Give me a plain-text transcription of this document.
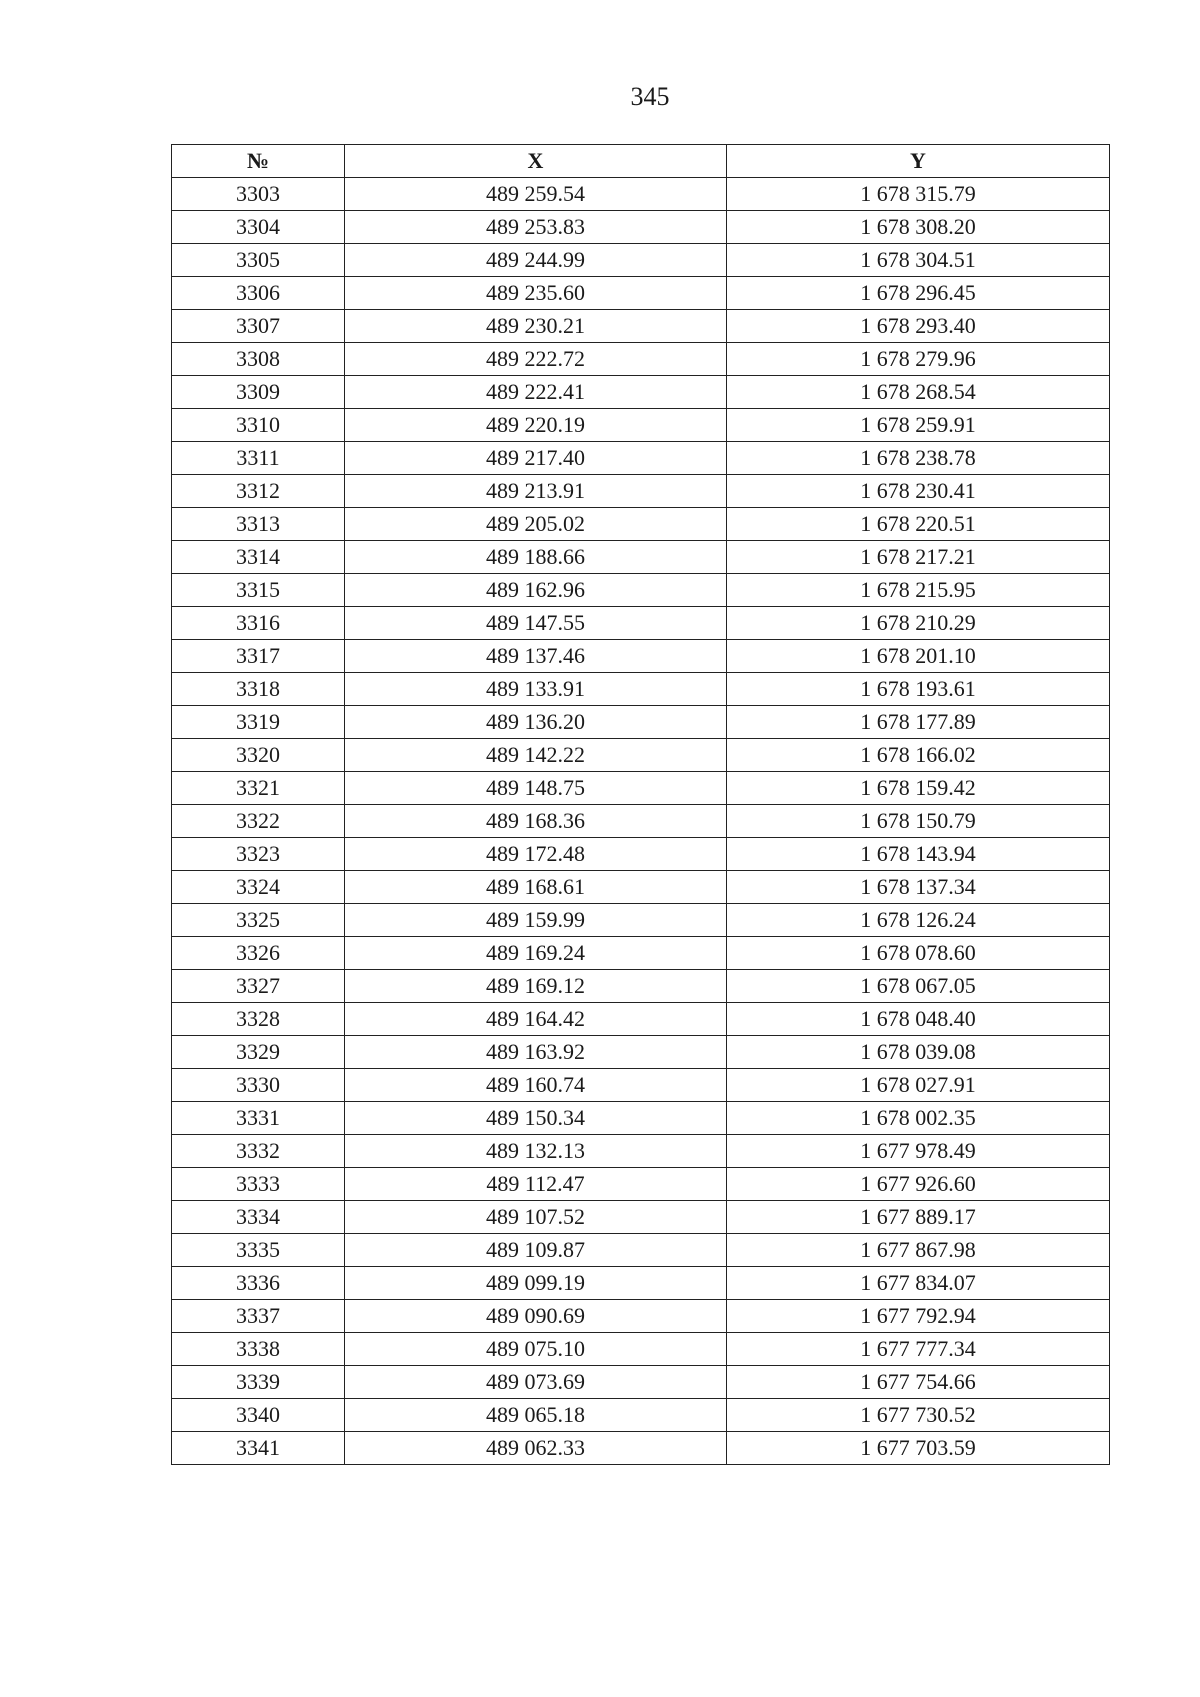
345
№	X	Y
3303	489 259.54	1 678 315.79
3304	489 253.83	1 678 308.20
3305	489 244.99	1 678 304.51
3306	489 235.60	1 678 296.45
3307	489 230.21	1 678 293.40
3308	489 222.72	1 678 279.96
3309	489 222.41	1 678 268.54
3310	489 220.19	1 678 259.91
3311	489 217.40	1 678 238.78
3312	489 213.91	1 678 230.41
3313	489 205.02	1 678 220.51
3314	489 188.66	1 678 217.21
3315	489 162.96	1 678 215.95
3316	489 147.55	1 678 210.29
3317	489 137.46	1 678 201.10
3318	489 133.91	1 678 193.61
3319	489 136.20	1 678 177.89
3320	489 142.22	1 678 166.02
3321	489 148.75	1 678 159.42
3322	489 168.36	1 678 150.79
3323	489 172.48	1 678 143.94
3324	489 168.61	1 678 137.34
3325	489 159.99	1 678 126.24
3326	489 169.24	1 678 078.60
3327	489 169.12	1 678 067.05
3328	489 164.42	1 678 048.40
3329	489 163.92	1 678 039.08
3330	489 160.74	1 678 027.91
3331	489 150.34	1 678 002.35
3332	489 132.13	1 677 978.49
3333	489 112.47	1 677 926.60
3334	489 107.52	1 677 889.17
3335	489 109.87	1 677 867.98
3336	489 099.19	1 677 834.07
3337	489 090.69	1 677 792.94
3338	489 075.10	1 677 777.34
3339	489 073.69	1 677 754.66
3340	489 065.18	1 677 730.52
3341	489 062.33	1 677 703.59
